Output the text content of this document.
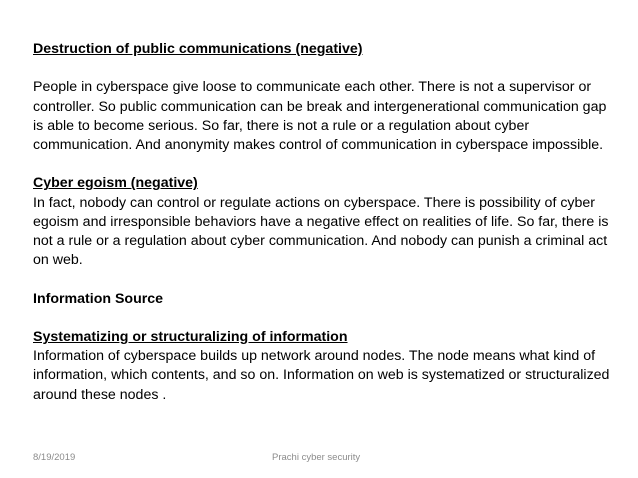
Destruction of public communications (negative)

People in cyberspace give loose to communicate each other. There is not a supervisor or controller. So public communication can be break and intergenerational communication gap is able to become serious. So far, there is not a rule or a regulation about cyber communication. And anonymity makes control of communication in cyberspace impossible.

Cyber egoism (negative)

In fact, nobody can control or regulate actions on cyberspace. There is possibility of cyber egoism and irresponsible behaviors have a negative effect on realities of life. So far, there is not a rule or a regulation about cyber communication. And nobody can punish a criminal act on web.

Information Source

Systematizing or structuralizing of information

Information of cyberspace builds up network around nodes. The node means what kind of information, which contents, and so on. Information on web is systematized or structuralized around these nodes .

8/19/2019	Prachi cyber security
